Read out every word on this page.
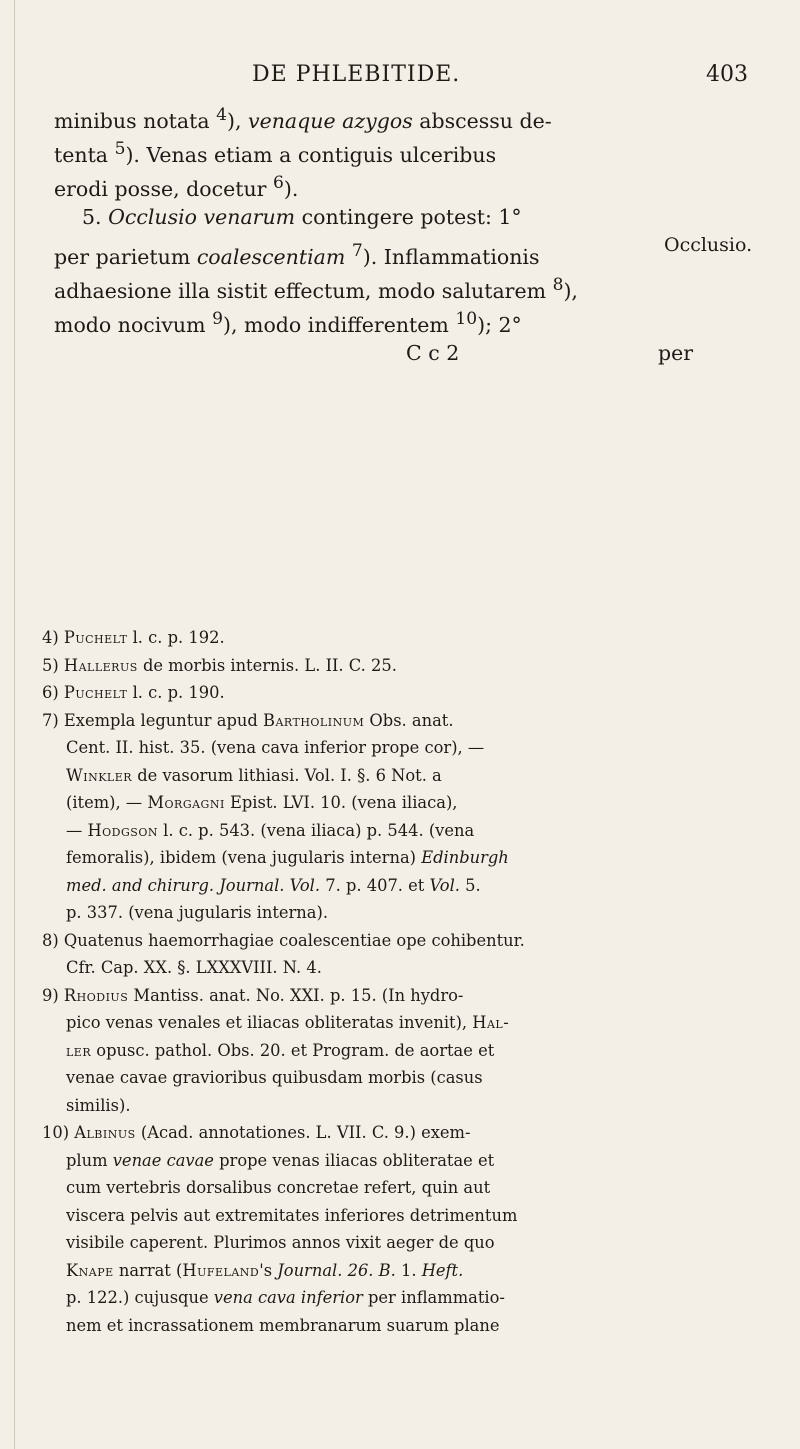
DE PHLEBITIDE.	403
minibus notata $^4$), venaque azygos abscessu de-
tenta $^5$). Venas etiam a contiguis ulceribus
erodi posse, docetur $^6$).
5. Occlusio venarum contingere potest: 1°
per parietum coalescentiam $^7$). Inflammationis
adhaesione illa sistit effectum, modo salutarem $^8$),
modo nocivum $^9$), modo indifferentem $^{10}$); 2°
C c 2	per
Occlusio.
4) Puchelt l. c. p. 192.
5) Hallerus de morbis internis. L. II. C. 25.
6) Puchelt l. c. p. 190.
7) Exempla leguntur apud Bartholinum Obs. anat.
Cent. II. hist. 35. (vena cava inferior prope cor), —
Winkler de vasorum lithiasi. Vol. I. §. 6 Not. a
(item), — Morgagni Epist. LVI. 10. (vena iliaca),
— Hodgson l. c. p. 543. (vena iliaca) p. 544. (vena
femoralis), ibidem (vena jugularis interna) Edinburgh
med. and chirurg. Journal. Vol. 7. p. 407. et Vol. 5.
p. 337. (vena jugularis interna).
8) Quatenus haemorrhagiae coalescentiae ope cohibentur.
Cfr. Cap. XX. §. LXXXVIII. N. 4.
9) Rhodius Mantiss. anat. No. XXI. p. 15. (In hydro-
pico venas venales et iliacas obliteratas invenit), Hal-
ler opusc. pathol. Obs. 20. et Program. de aortae et
venae cavae gravioribus quibusdam morbis (casus
similis).
10) Albinus (Acad. annotationes. L. VII. C. 9.) exem-
plum venae cavae prope venas iliacas obliteratae et
cum vertebris dorsalibus concretae refert, quin aut
viscera pelvis aut extremitates inferiores detrimentum
visibile caperent. Plurimos annos vixit aeger de quo
Knape narrat (Hufeland's Journal. 26. B. 1. Heft.
p. 122.) cujusque vena cava inferior per inflammatio-
nem et incrassationem membranarum suarum plane
